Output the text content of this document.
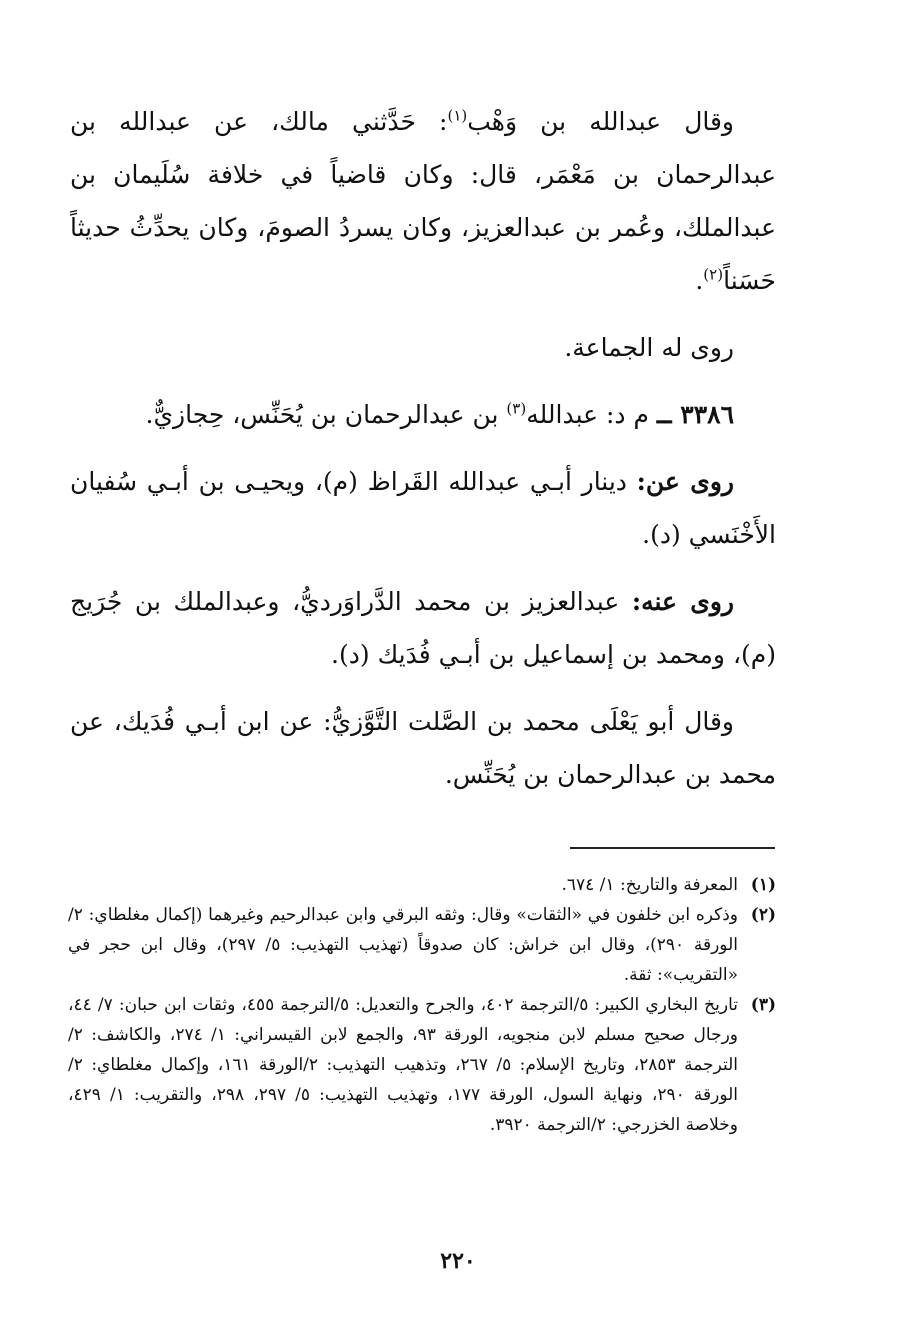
وقال عبدالله بن وَهْب$^{(١)}$: حَدَّثني مالك، عن عبدالله بن عبدالرحمان بن مَعْمَر، قال: وكان قاضياً في خلافة سُلَيمان بن عبدالملك، وعُمر بن عبدالعزيز، وكان يسردُ الصومَ، وكان يحدِّثُ حديثاً حَسَناً$^{(٢)}$.

روى له الجماعة.

٣٣٨٦ ــ م د: عبدالله$^{(٣)}$ بن عبدالرحمان بن يُحَنِّس، حِجازيٌّ.

روى عن: دينار أبـي عبدالله القَراظ (م)، ويحيـى بن أبـي سُفيان الأَخْنَسي (د).

روى عنه: عبدالعزيز بن محمد الدَّراوَرديُّ، وعبدالملك بن جُرَيج (م)، ومحمد بن إسماعيل بن أبـي فُدَيك (د).

وقال أبو يَعْلَى محمد بن الصَّلت التَّوَّزيُّ: عن ابن أبـي فُدَيك، عن محمد بن عبدالرحمان بن يُحَنِّس.

(١)
المعرفة والتاريخ: ١/ ٦٧٤.
(٢)
وذكره ابن خلفون في «الثقات» وقال: وثقه البرقي وابن عبدالرحيم وغيرهما (إكمال مغلطاي: ٢/الورقة ٢٩٠)، وقال ابن خراش: كان صدوقاً (تهذيب التهذيب: ٥/ ٢٩٧)، وقال ابن حجر في «التقريب»: ثقة.
(٣)
تاريخ البخاري الكبير: ٥/الترجمة ٤٠٢، والجرح والتعديل: ٥/الترجمة ٤٥٥، وثقات ابن حبان: ٧/ ٤٤، ورجال صحيح مسلم لابن منجويه، الورقة ٩٣، والجمع لابن القيسراني: ١/ ٢٧٤، والكاشف: ٢/الترجمة ٢٨٥٣، وتاريخ الإسلام: ٥/ ٢٦٧، وتذهيب التهذيب: ٢/الورقة ١٦١، وإكمال مغلطاي: ٢/الورقة ٢٩٠، ونهاية السول، الورقة ١٧٧، وتهذيب التهذيب: ٥/ ٢٩٧، ٢٩٨، والتقريب: ١/ ٤٢٩، وخلاصة الخزرجي: ٢/الترجمة ٣٩٢٠.
٢٢٠
